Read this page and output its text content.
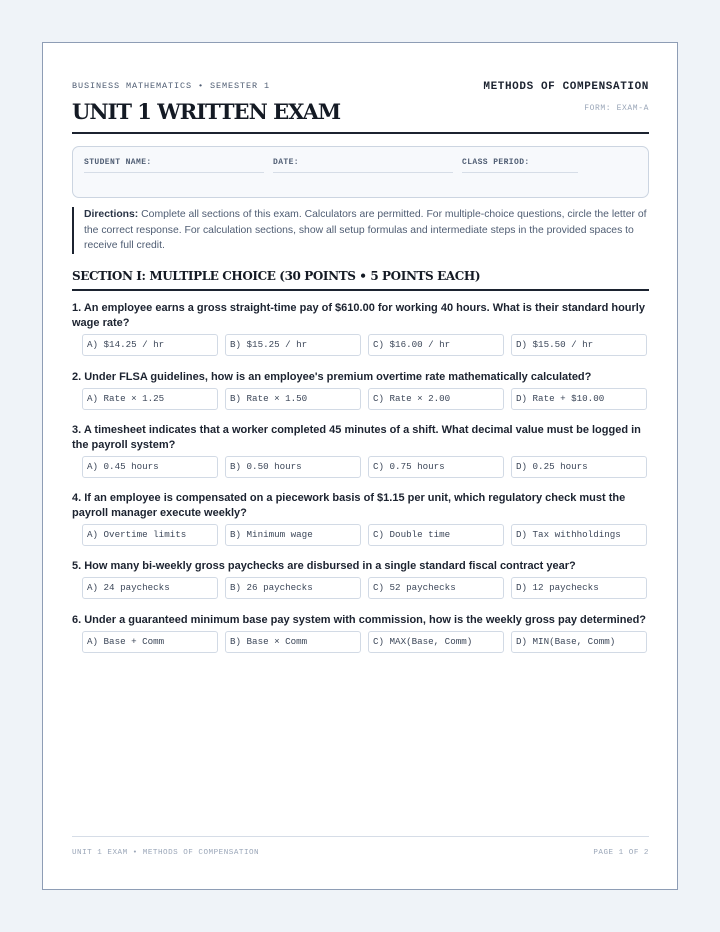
BUSINESS MATHEMATICS • SEMESTER 1
UNIT 1 WRITTEN EXAM
METHODS OF COMPENSATION
FORM: EXAM-A
STUDENT NAME:	DATE:	CLASS PERIOD:
Directions: Complete all sections of this exam. Calculators are permitted. For multiple-choice questions, circle the letter of the correct response. For calculation sections, show all setup formulas and intermediate steps in the provided spaces to receive full credit.
SECTION I: MULTIPLE CHOICE (30 POINTS • 5 POINTS EACH)
1. An employee earns a gross straight-time pay of $610.00 for working 40 hours. What is their standard hourly wage rate?
A) $14.25 / hr	B) $15.25 / hr	C) $16.00 / hr	D) $15.50 / hr
2. Under FLSA guidelines, how is an employee's premium overtime rate mathematically calculated?
A) Rate × 1.25	B) Rate × 1.50	C) Rate × 2.00	D) Rate + $10.00
3. A timesheet indicates that a worker completed 45 minutes of a shift. What decimal value must be logged in the payroll system?
A) 0.45 hours	B) 0.50 hours	C) 0.75 hours	D) 0.25 hours
4. If an employee is compensated on a piecework basis of $1.15 per unit, which regulatory check must the payroll manager execute weekly?
A) Overtime limits	B) Minimum wage	C) Double time	D) Tax withholdings
5. How many bi-weekly gross paychecks are disbursed in a single standard fiscal contract year?
A) 24 paychecks	B) 26 paychecks	C) 52 paychecks	D) 12 paychecks
6. Under a guaranteed minimum base pay system with commission, how is the weekly gross pay determined?
A) Base + Comm	B) Base × Comm	C) MAX(Base, Comm)	D) MIN(Base, Comm)
UNIT 1 EXAM • METHODS OF COMPENSATION	PAGE 1 OF 2
